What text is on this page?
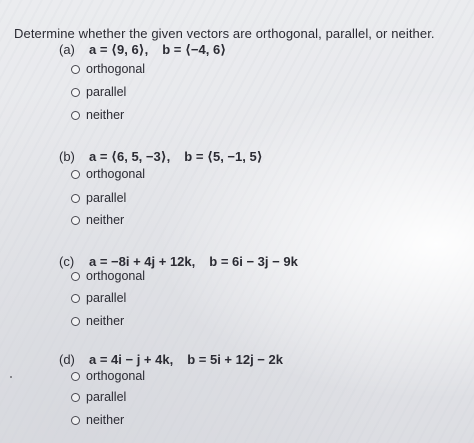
Determine whether the given vectors are orthogonal, parallel, or neither.
(a)	a = ⟨9, 6⟩, b = ⟨−4, 6⟩
orthogonal
parallel
neither
(b)	a = ⟨6, 5, −3⟩, b = ⟨5, −1, 5⟩
orthogonal
parallel
neither
(c)	a = −8i + 4j + 12k, b = 6i − 3j − 9k
orthogonal
parallel
neither
(d)	a = 4i − j + 4k, b = 5i + 12j − 2k
orthogonal
parallel
neither
